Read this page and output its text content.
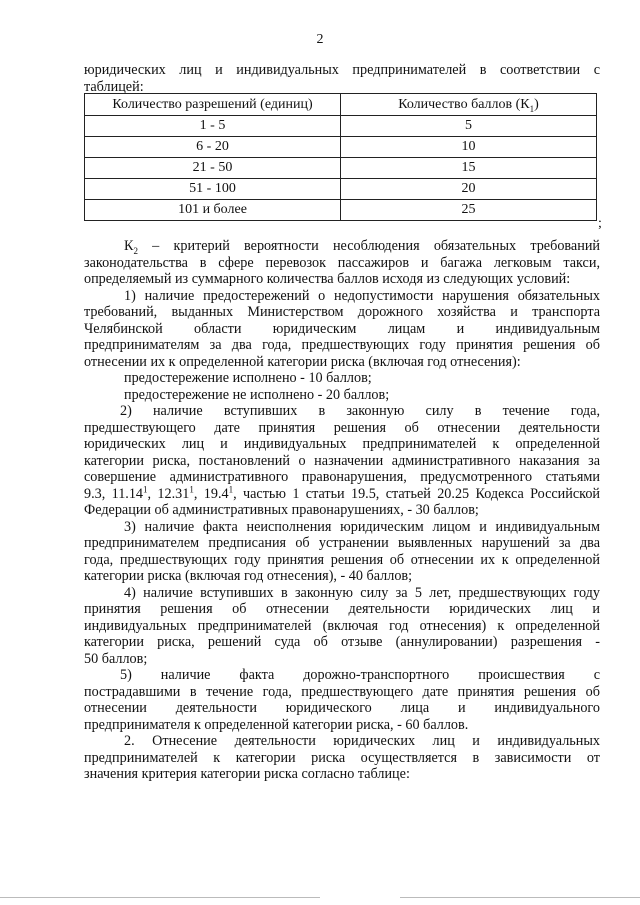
2

юридических лиц и индивидуальных предпринимателей в соответствии с

таблицей:

Количество разрешений (единиц)	Количество баллов $(К_1)$
1 - 5	5
6 - 20	10
21 - 50	15
51 - 100	20
101 и более	25
;

$К_2$ – критерий вероятности несоблюдения обязательных требований

законодательства в сфере перевозок пассажиров и багажа легковым такси,

определяемый из суммарного количества баллов исходя из следующих условий:

1) наличие предостережений о недопустимости нарушения обязательных

требований, выданных Министерством дорожного хозяйства и транспорта

Челябинской области юридическим лицам и индивидуальным

предпринимателям за два года, предшествующих году принятия решения об

отнесении их к определенной категории риска (включая год отнесения):

предостережение исполнено - 10 баллов;

предостережение не исполнено - 20 баллов;

2) наличие вступивших в законную силу в течение года,

предшествующего дате принятия решения об отнесении деятельности

юридических лиц и индивидуальных предпринимателей к определенной

категории риска, постановлений о назначении административного наказания за

совершение административного правонарушения, предусмотренного статьями

9.3, 11.14$^1$, 12.31$^1$, 19.4$^1$, частью 1 статьи 19.5, статьей 20.25 Кодекса Российской

Федерации об административных правонарушениях, - 30 баллов;

3) наличие факта неисполнения юридическим лицом и индивидуальным

предпринимателем предписания об устранении выявленных нарушений за два

года, предшествующих году принятия решения об отнесении их к определенной

категории риска (включая год отнесения), - 40 баллов;

4) наличие вступивших в законную силу за 5 лет, предшествующих году

принятия решения об отнесении деятельности юридических лиц и

индивидуальных предпринимателей (включая год отнесения) к определенной

категории риска, решений суда об отзыве (аннулировании) разрешения -

50 баллов;

5) наличие факта дорожно-транспортного происшествия с

пострадавшими в течение года, предшествующего дате принятия решения об

отнесении деятельности юридического лица и индивидуального

предпринимателя к определенной категории риска, - 60 баллов.

2. Отнесение деятельности юридических лиц и индивидуальных

предпринимателей к категории риска осуществляется в зависимости от

значения критерия категории риска согласно таблице:
